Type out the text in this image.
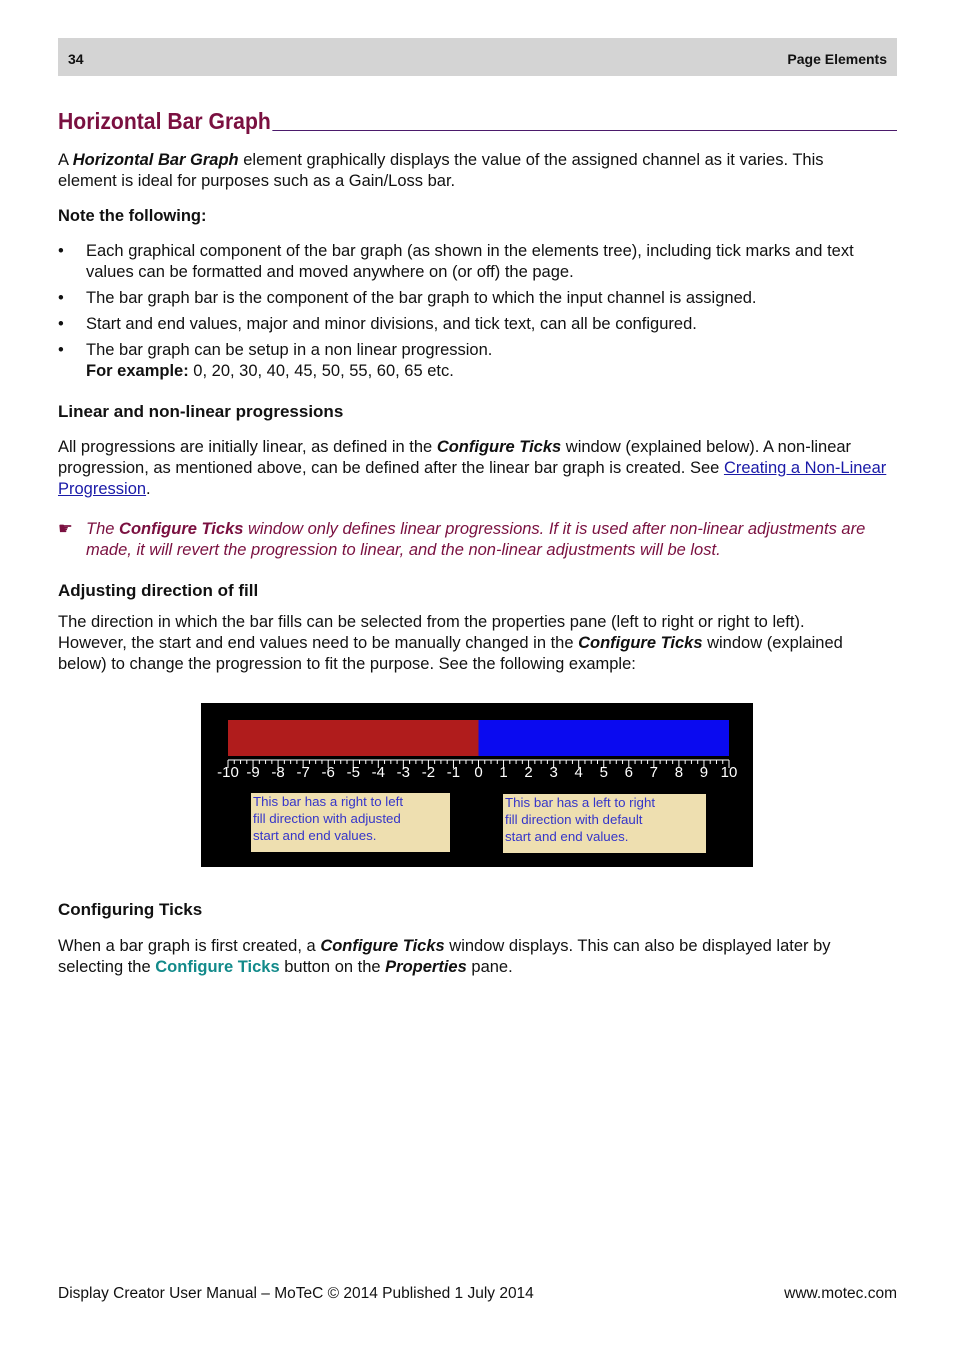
34	Page Elements
Horizontal Bar Graph
A Horizontal Bar Graph element graphically displays the value of the assigned channel as it varies. This
element is ideal for purposes such as a Gain/Loss bar.
Note the following:
• Each graphical component of the bar graph (as shown in the elements tree), including tick marks and text
values can be formatted and moved anywhere on (or off) the page.
• The bar graph bar is the component of the bar graph to which the input channel is assigned.
• Start and end values, major and minor divisions, and tick text, can all be configured.
• The bar graph can be setup in a non linear progression.
For example: 0, 20, 30, 40, 45, 50, 55, 60, 65 etc.
Linear and non-linear progressions
All progressions are initially linear, as defined in the Configure Ticks window (explained below). A non-linear
progression, as mentioned above, can be defined after the linear bar graph is created. See Creating a Non-Linear
Progression.
☛ The Configure Ticks window only defines linear progressions. If it is used after non-linear adjustments are
made, it will revert the progression to linear, and the non-linear adjustments will be lost.
Adjusting direction of fill
The direction in which the bar fills can be selected from the properties pane (left to right or right to left).
However, the start and end values need to be manually changed in the Configure Ticks window (explained
below) to change the progression to fit the purpose. See the following example:
-10 -9 -8 -7 -6 -5 -4 -3 -2 -1 0 1 2 3 4 5 6 7 8 9 10
This bar has a right to left
fill direction with adjusted
start and end values.
This bar has a left to right
fill direction with default
start and end values.
Configuring Ticks
When a bar graph is first created, a Configure Ticks window displays. This can also be displayed later by
selecting the Configure Ticks button on the Properties pane.
Display Creator User Manual – MoTeC © 2014 Published 1 July 2014	www.motec.com
